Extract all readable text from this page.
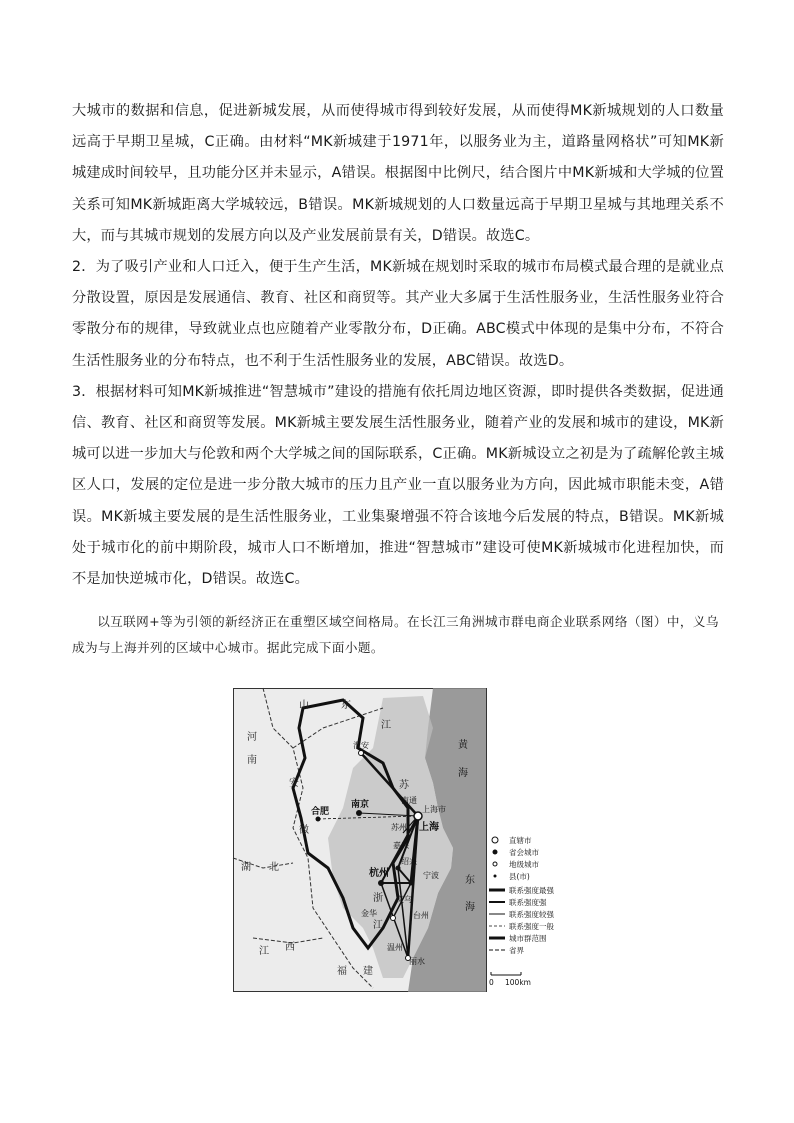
大城市的数据和信息，促进新城发展，从而使得城市得到较好发展，从而使得MK新城规划的人口数量远高于早期卫星城，C正确。由材料“MK新城建于1971年，以服务业为主，道路量网格状”可知MK新城建成时间较早，且功能分区并未显示，A错误。根据图中比例尺，结合图片中MK新城和大学城的位置关系可知MK新城距离大学城较远，B错误。MK新城规划的人口数量远高于早期卫星城与其地理关系不大，而与其城市规划的发展方向以及产业发展前景有关，D错误。故选C。

2．为了吸引产业和人口迁入，便于生产生活，MK新城在规划时采取的城市布局模式最合理的是就业点分散设置，原因是发展通信、教育、社区和商贸等。其产业大多属于生活性服务业，生活性服务业符合零散分布的规律，导致就业点也应随着产业零散分布，D正确。ABC模式中体现的是集中分布，不符合生活性服务业的分布特点，也不利于生活性服务业的发展，ABC错误。故选D。

3．根据材料可知MK新城推进“智慧城市”建设的措施有依托周边地区资源，即时提供各类数据，促进通信、教育、社区和商贸等发展。MK新城主要发展生活性服务业，随着产业的发展和城市的建设，MK新城可以进一步加大与伦敦和两个大学城之间的国际联系，C正确。MK新城设立之初是为了疏解伦敦主城区人口，发展的定位是进一步分散大城市的压力且产业一直以服务业为方向，因此城市职能未变，A错误。MK新城主要发展的是生活性服务业，工业集聚增强不符合该地今后发展的特点，B错误。MK新城处于城市化的前中期阶段，城市人口不断增加，推进“智慧城市”建设可使MK新城城市化进程加快，而不是加快逆城市化，D错误。故选C。

以互联网+等为引领的新经济正在重塑区域空间格局。在长江三角洲城市群电商企业联系网络（图）中，义乌成为与上海并列的区域中心城市。据此完成下面小题。

山	东
河
南
安
徽
湖 北
江 西
福 建
江
苏
浙
江
黄
海
东
海
淮安
合肥
南京	南通
上海市
上海
苏州
嘉兴
杭州
绍兴
宁波
金华
义乌
台州
温州
丽水
直辖市
省会城市
地级城市
县(市)
联系强度最强
联系强度强
联系强度较强
联系强度一般
城市群范围
省界
0 100km
